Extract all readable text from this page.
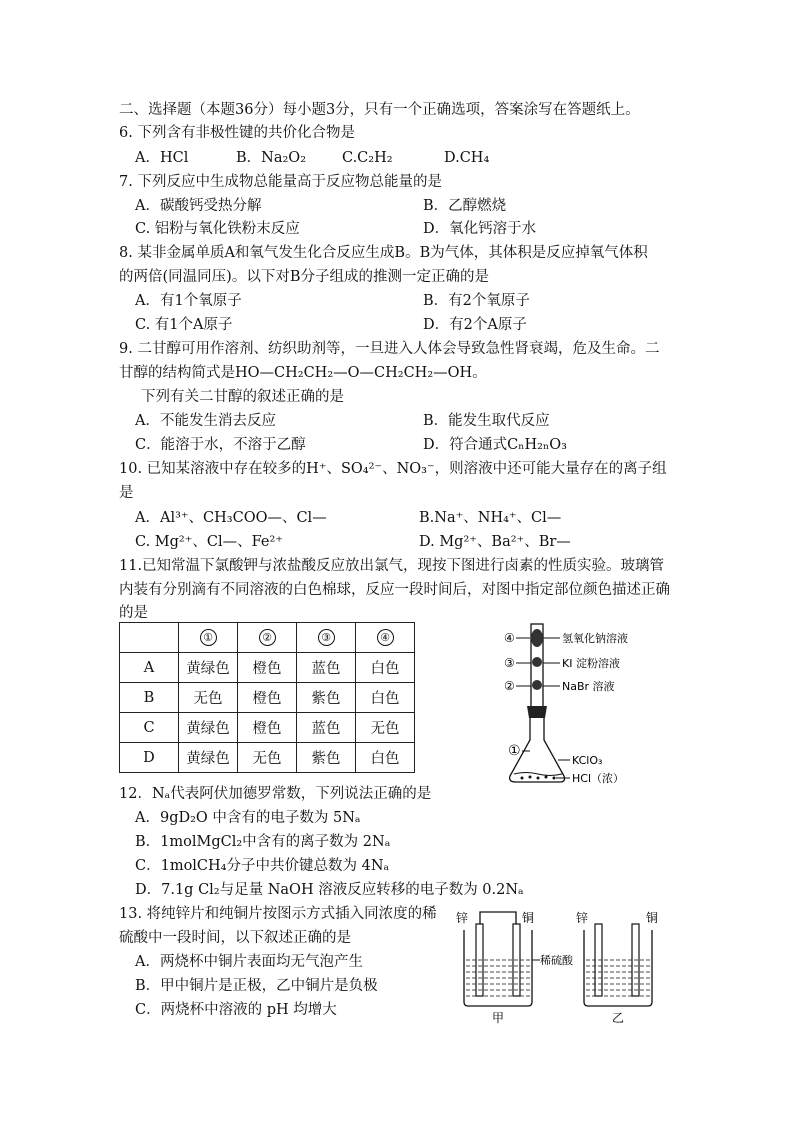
二、选择题（本题36分）每小题3分，只有一个正确选项，答案涂写在答题纸上。
6. 下列含有非极性键的共价化合物是
A．HCl	B．Na₂O₂ C.C₂H₂	D.CH₄
7. 下列反应中生成物总能量高于反应物总能量的是
A．碳酸钙受热分解	B．乙醇燃烧
C. 铝粉与氧化铁粉末反应	D．氧化钙溶于水
8. 某非金属单质A和氧气发生化合反应生成B。B为气体，其体积是反应掉氧气体积
的两倍(同温同压)。以下对B分子组成的推测一定正确的是
A．有1个氧原子	B．有2个氧原子
C. 有1个A原子	D．有2个A原子
9. 二甘醇可用作溶剂、纺织助剂等，一旦进入人体会导致急性肾衰竭，危及生命。二
甘醇的结构简式是HO—CH₂CH₂—O—CH₂CH₂—OH。
下列有关二甘醇的叙述正确的是
A．不能发生消去反应	B．能发生取代反应
C．能溶于水，不溶于乙醇	D．符合通式CₙH₂ₙO₃
10. 已知某溶液中存在较多的H⁺、SO₄²⁻、NO₃⁻，则溶液中还可能大量存在的离子组
是
A．Al³⁺、CH₃COO—、Cl—	B.Na⁺、NH₄⁺、Cl—
C. Mg²⁺、Cl—、Fe²⁺	D. Mg²⁺、Ba²⁺、Br—
11.已知常温下氯酸钾与浓盐酸反应放出氯气，现按下图进行卤素的性质实验。玻璃管
内装有分别滴有不同溶液的白色棉球，反应一段时间后，对图中指定部位颜色描述正确
的是
	①	②	③	④
A	黄绿色	橙色	蓝色	白色
B	无色	橙色	紫色	白色
C	黄绿色	橙色	蓝色	无色
D	黄绿色	无色	紫色	白色
④
③
②
①
氢氧化钠溶液
KI 淀粉溶液
NaBr 溶液
KClO₃
HCl（浓）
12．Nₐ代表阿伏加德罗常数，下列说法正确的是
A．9gD₂O 中含有的电子数为 5Nₐ
B．1molMgCl₂中含有的离子数为 2Nₐ
C．1molCH₄分子中共价键总数为 4Nₐ
D．7.1g Cl₂与足量 NaOH 溶液反应转移的电子数为 0.2Nₐ
13. 将纯锌片和纯铜片按图示方式插入同浓度的稀
硫酸中一段时间，以下叙述正确的是
A．两烧杯中铜片表面均无气泡产生
B．甲中铜片是正极，乙中铜片是负极
C．两烧杯中溶液的 pH 均增大
锌	铜
甲
稀硫酸
锌	铜
乙
